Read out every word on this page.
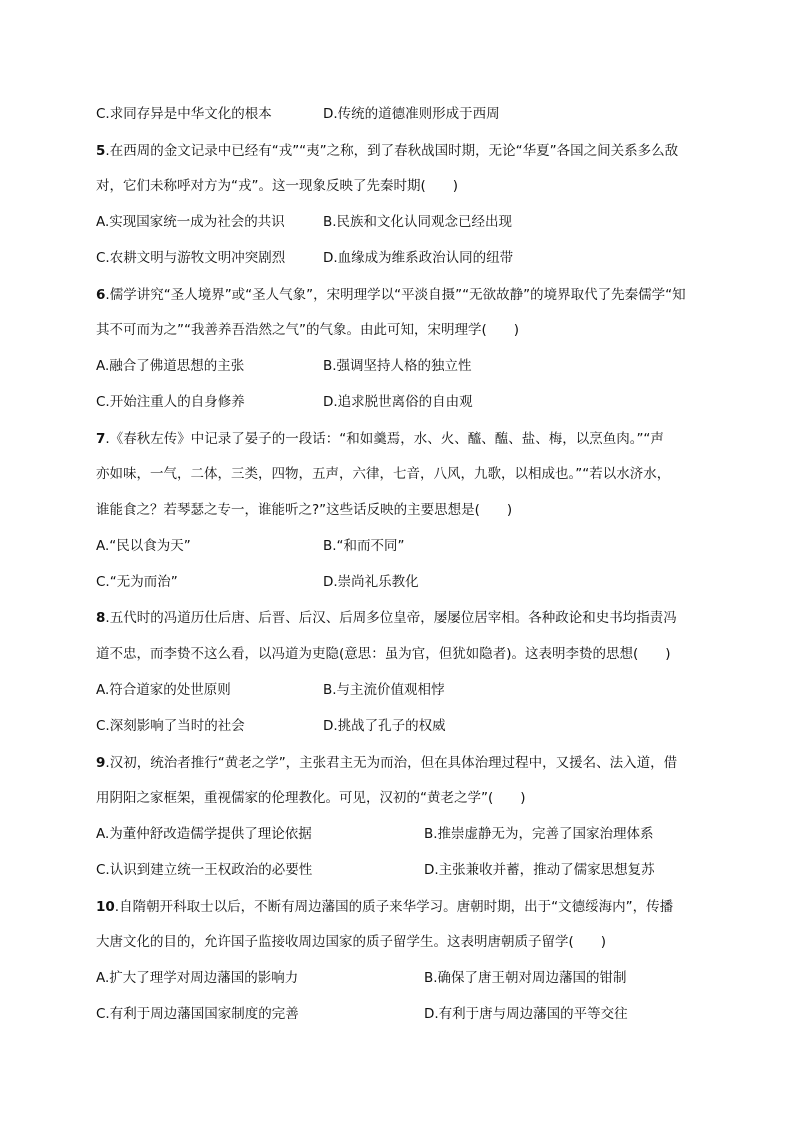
C.求同存异是中华文化的根本	D.传统的道德准则形成于西周
5.在西周的金文记录中已经有“戎”“夷”之称，到了春秋战国时期，无论“华夏”各国之间关系多么敌
对，它们未称呼对方为“戎”。这一现象反映了先秦时期(　　)
A.实现国家统一成为社会的共识	B.民族和文化认同观念已经出现
C.农耕文明与游牧文明冲突剧烈	D.血缘成为维系政治认同的纽带
6.儒学讲究“圣人境界”或“圣人气象”，宋明理学以“平淡自摄”“无欲故静”的境界取代了先秦儒学“知
其不可而为之”“我善养吾浩然之气”的气象。由此可知，宋明理学(　　)
A.融合了佛道思想的主张	B.强调坚持人格的独立性
C.开始注重人的自身修养	D.追求脱世离俗的自由观
7.《春秋左传》中记录了晏子的一段话：“和如羹焉，水、火、醯、醢、盐、梅，以烹鱼肉。”“声
亦如味，一气，二体，三类，四物，五声，六律，七音，八风，九歌，以相成也。”“若以水济水，
谁能食之？若琴瑟之专一，谁能听之?”这些话反映的主要思想是(　　)
A.“民以食为天”	B.“和而不同”
C.“无为而治”	D.崇尚礼乐教化
8.五代时的冯道历仕后唐、后晋、后汉、后周多位皇帝，屡屡位居宰相。各种政论和史书均指责冯
道不忠，而李贽不这么看，以冯道为吏隐(意思：虽为官，但犹如隐者)。这表明李贽的思想(　　)
A.符合道家的处世原则	B.与主流价值观相悖
C.深刻影响了当时的社会	D.挑战了孔子的权威
9.汉初，统治者推行“黄老之学”，主张君主无为而治，但在具体治理过程中，又援名、法入道，借
用阴阳之家框架，重视儒家的伦理教化。可见，汉初的“黄老之学”(　　)
A.为董仲舒改造儒学提供了理论依据	B.推崇虚静无为，完善了国家治理体系
C.认识到建立统一王权政治的必要性	D.主张兼收并蓄，推动了儒家思想复苏
10.自隋朝开科取士以后，不断有周边藩国的质子来华学习。唐朝时期，出于“文德绥海内”，传播
大唐文化的目的，允许国子监接收周边国家的质子留学生。这表明唐朝质子留学(　　)
A.扩大了理学对周边藩国的影响力	B.确保了唐王朝对周边藩国的钳制
C.有利于周边藩国国家制度的完善	D.有利于唐与周边藩国的平等交往
